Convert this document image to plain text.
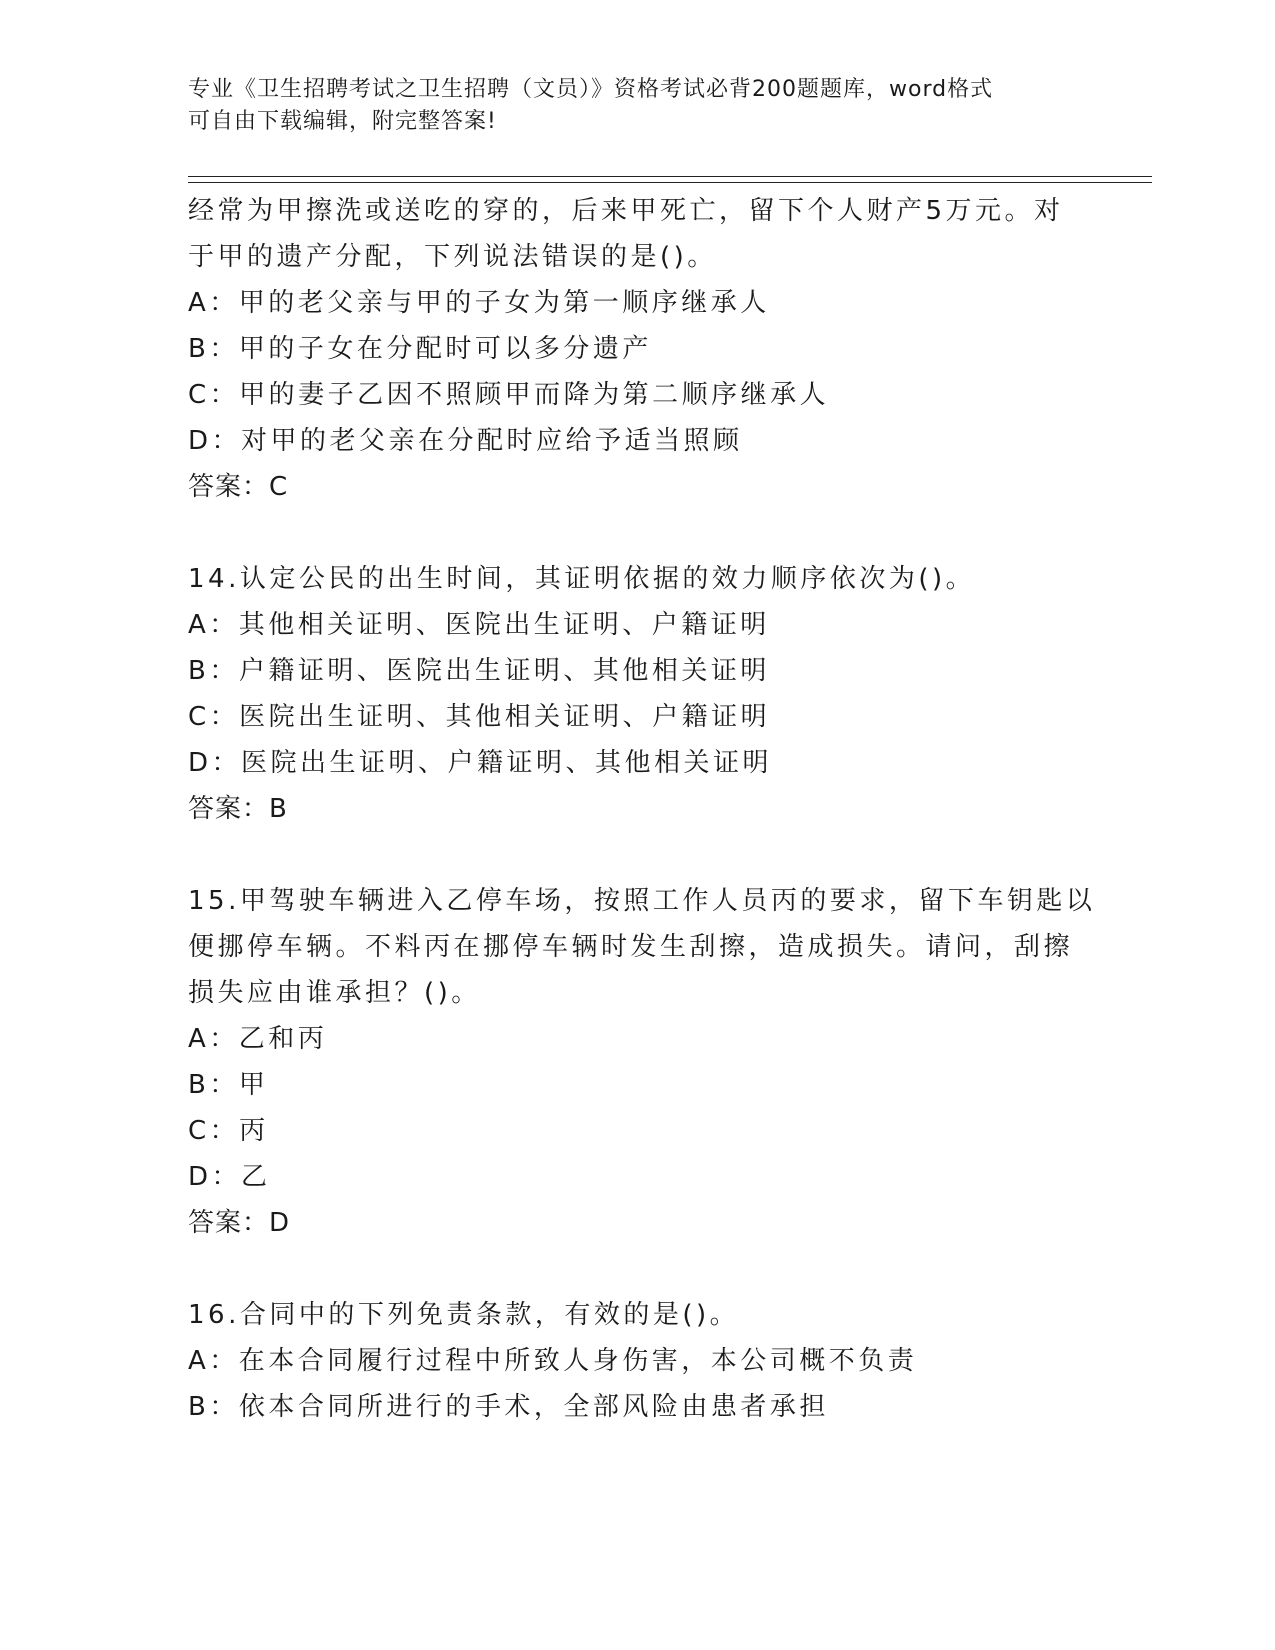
专业《卫生招聘考试之卫生招聘（文员）》资格考试必背200题题库，word格式
可自由下载编辑，附完整答案!
经常为甲擦洗或送吃的穿的，后来甲死亡，留下个人财产5万元。对
于甲的遗产分配，下列说法错误的是()。
A：甲的老父亲与甲的子女为第一顺序继承人
B：甲的子女在分配时可以多分遗产
C：甲的妻子乙因不照顾甲而降为第二顺序继承人
D：对甲的老父亲在分配时应给予适当照顾
答案：C
14.认定公民的出生时间，其证明依据的效力顺序依次为()。
A：其他相关证明、医院出生证明、户籍证明
B：户籍证明、医院出生证明、其他相关证明
C：医院出生证明、其他相关证明、户籍证明
D：医院出生证明、户籍证明、其他相关证明
答案：B
15.甲驾驶车辆进入乙停车场，按照工作人员丙的要求，留下车钥匙以
便挪停车辆。不料丙在挪停车辆时发生刮擦，造成损失。请问，刮擦
损失应由谁承担？()。
A：乙和丙
B：甲
C：丙
D：乙
答案：D
16.合同中的下列免责条款，有效的是()。
A：在本合同履行过程中所致人身伤害，本公司概不负责
B：依本合同所进行的手术，全部风险由患者承担
